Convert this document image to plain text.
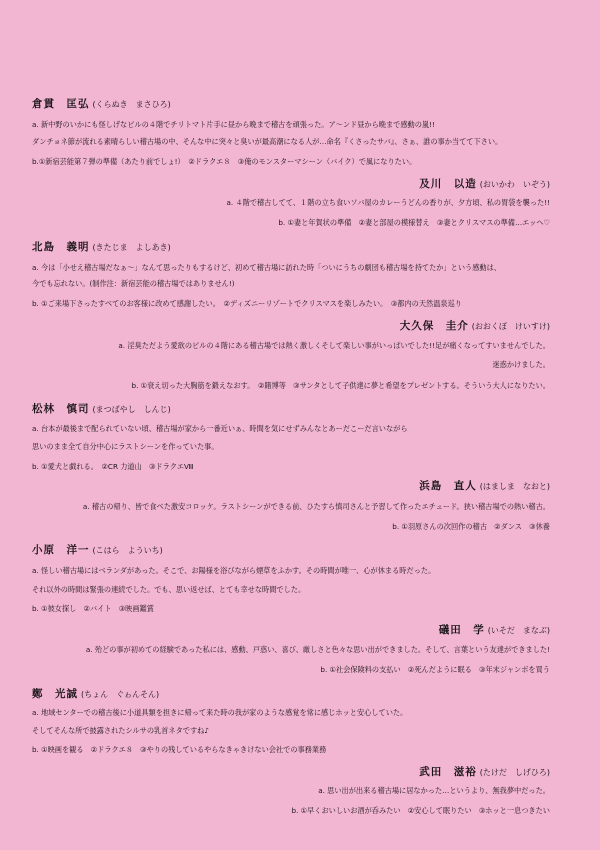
倉貫　匡弘 (くらぬき　まさひろ)
a. 新中野のいかにも怪しげなビルの４階でチリトマト片手に昼から晩まで稽古を頑張った。ア～ンド昼から晩まで感動の嵐!!
ダンチョネ節が流れる素晴らしい稽古場の中、そんな中に突々と臭いが最高潮になる人が…命名『くさったサバ』、さぁ、誰の事か当てて下さい。
b.①新宿芸能第７弾の準備（あたり前でしょ!）　②ドラクエ８　③俺のモンスターマシーン（バイク）で風になりたい。
及川　以造 (おいかわ　いぞう)
a. ４階で稽古してて、１階の立ち食いソバ屋のカレーうどんの香りが、夕方頃、私の胃袋を襲った!!
b. ①妻と年賀状の準備　②妻と部屋の模様替え　③妻とクリスマスの準備…エッヘ♡
北島　義明 (きたじま　よしあき)
a. 今は「小せえ稽古場だなぁ～」なんて思ったりもするけど、初めて稽古場に訪れた時「ついにうちの劇団も稽古場を持てたか」という感動は、
今でも忘れない。(制作注：新宿芸能の稽古場ではありません!)
b. ①ご来場下さったすべてのお客様に改めて感謝したい。　②ディズニーリゾートでクリスマスを楽しみたい。　③都内の天然温泉巡り
大久保　圭介 (おおくぼ　けいすけ)
a. 淫臭ただよう愛欲のビルの４階にある稽古場では熱く激しくそして楽しい事がいっぱいでした!!足が痛くなってすいませんでした。
迷惑かけました。
b. ①衰え切った大胸筋を鍛えなおす。　②賭博等　③サンタとして子供達に夢と希望をプレゼントする。そういう大人になりたい。
松林　慎司 (まつばやし　しんじ)
a. 台本が最後まで配られていない頃、稽古場が家から一番近いぁ、時間を気にせずみんなとあーだこーだ言いながら
思いのまま全て自分中心にラストシーンを作っていた事。
b. ①愛犬と戯れる。　②CR 力道山　③ドラクエⅧ
浜島　直人 (はましま　なおと)
a. 稽古の帰り、皆で食べた激安コロッケ。ラストシーンができる前、ひたすら慎司さんと予習して作ったエチュード。狭い稽古場での熱い稽古。
b. ①羽原さんの次回作の稽古　②ダンス　③休養
小原　洋一 (こはら　よういち)
a. 怪しい稽古場にはベランダがあった。そこで、お陽様を浴びながら煙草をふかす。その時間が唯一、心が休まる時だった。
それ以外の時間は緊張の連続でした。でも、思い返せば、とても幸せな時間でした。
b. ①彼女探し　②バイト　③映画鑑賞
礒田　学 (いそだ　まなぶ)
a. 殆どの事が初めての経験であった私には、感動、戸惑い、喜び、厳しさと色々な思い出ができました。そして、言葉という友達ができました!
b. ①社会保険料の支払い　②死んだように眠る　③年末ジャンボを買う
鄭　光誠 (ちょん　ぐゎんそん)
a. 地域センターでの稽古後に小道具類を担きに帰って来た時の我が家のような感覚を常に感じホッと安心していた。
そしてそんな所で披露されたシルサの乳首ネタですね♪
b. ①映画を観る　②ドラクエ８　③やりの残しているやらなきゃきけない会社での事務業務
武田　滋裕 (たけだ　しげひろ)
a. 思い出が出来る稽古場に居なかった…というより、無我夢中だった。
b. ①早くおいしいお酒が呑みたい　②安心して眠りたい　③ホッと一息つきたい
